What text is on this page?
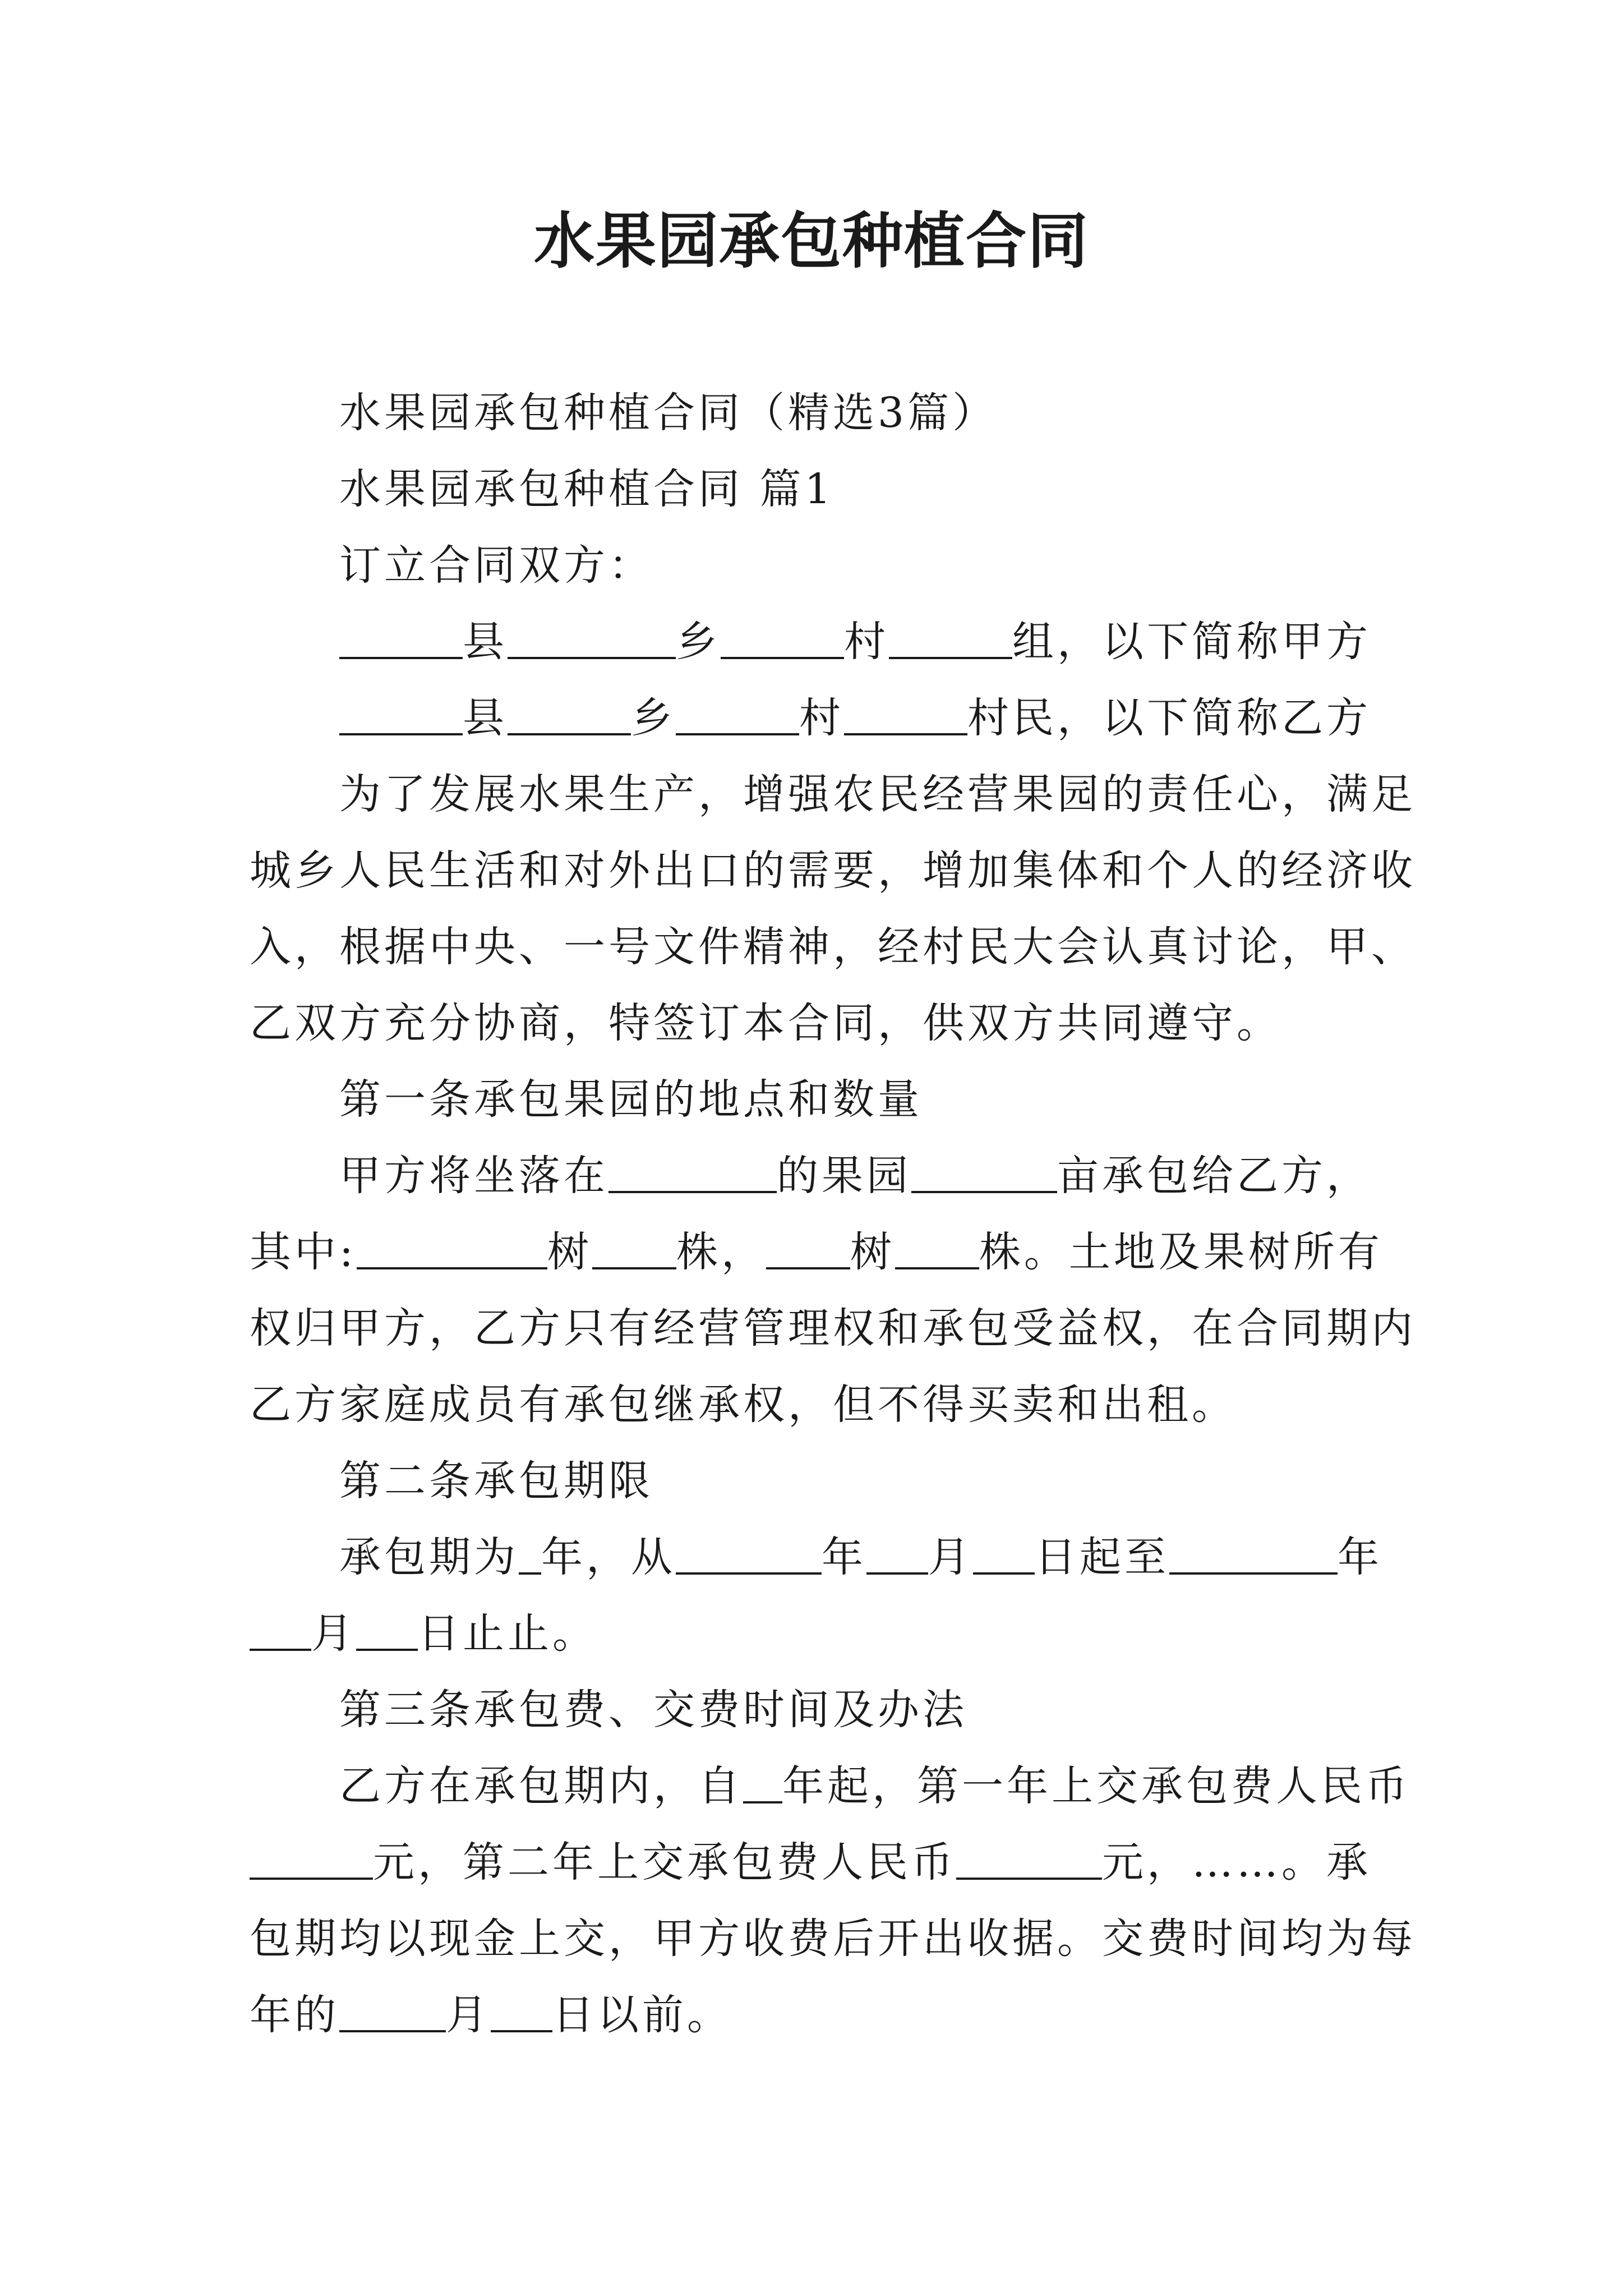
水果园承包种植合同
水果园承包种植合同（精选3篇）
水果园承包种植合同 篇1
订立合同双方：
县	乡	村	组，以下简称甲方
县	乡	村	村民，以下简称乙方
为了发展水果生产，增强农民经营果园的责任心，满足
城乡人民生活和对外出口的需要，增加集体和个人的经济收
入，根据中央、一号文件精神，经村民大会认真讨论，甲、
乙双方充分协商，特签订本合同，供双方共同遵守。
第一条承包果园的地点和数量
甲方将坐落在	的果园	亩承包给乙方，
其中:	树 株， 树 株。土地及果树所有
权归甲方，乙方只有经营管理权和承包受益权，在合同期内
乙方家庭成员有承包继承权，但不得买卖和出租。
第二条承包期限
承包期为 年，从	年 月 日起至	年
月 日止止。
第三条承包费、交费时间及办法
乙方在承包期内，自 年起，第一年上交承包费人民币
元，第二年上交承包费人民币	元，……。承
包期均以现金上交，甲方收费后开出收据。交费时间均为每
年的	月 日以前。
